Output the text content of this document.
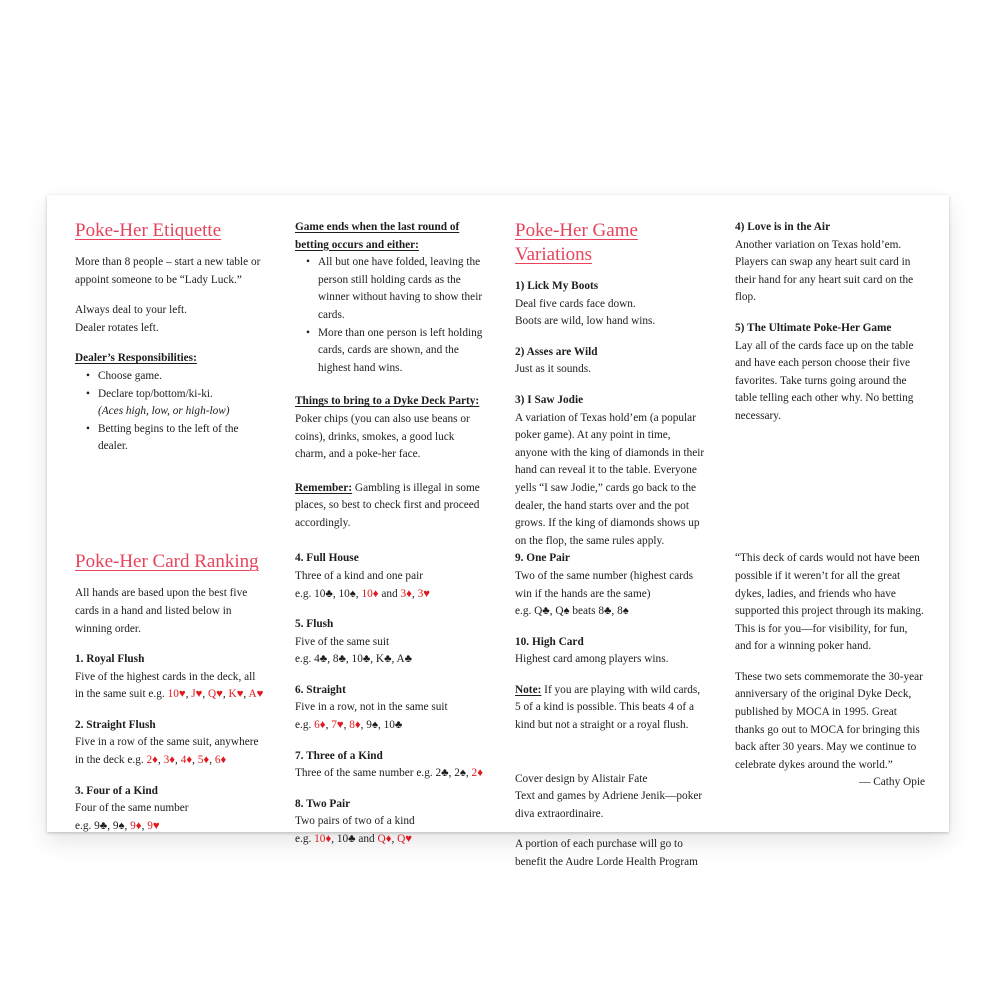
Poke-Her Etiquette

More than 8 people – start a new table or appoint someone to be “Lady Luck.”

Always deal to your left.

Dealer rotates left.

Dealer’s Responsibilities:

• Choose game.
• Declare top/bottom/ki-ki.
(Aces high, low, or high-low)
• Betting begins to the left of the dealer.

Game ends when the last round of betting occurs and either:

• All but one have folded, leaving the person still holding cards as the winner without having to show their cards.
• More than one person is left holding cards, cards are shown, and the highest hand wins.

Things to bring to a Dyke Deck Party:

Poker chips (you can also use beans or coins), drinks, smokes, a good luck charm, and a poke-her face.

Remember: Gambling is illegal in some places, so best to check first and proceed accordingly.

Poke-Her Game Variations

1) Lick My Boots

Deal five cards face down.

Boots are wild, low hand wins.

2) Asses are Wild

Just as it sounds.

3) I Saw Jodie

A variation of Texas hold’em (a popular poker game). At any point in time, anyone with the king of diamonds in their hand can reveal it to the table. Everyone yells “I saw Jodie,” cards go back to the dealer, the hand starts over and the pot grows. If the king of diamonds shows up on the flop, the same rules apply.

4) Love is in the Air

Another variation on Texas hold’em. Players can swap any heart suit card in their hand for any heart suit card on the flop.

5) The Ultimate Poke-Her Game

Lay all of the cards face up on the table and have each person choose their five favorites. Take turns going around the table telling each other why. No betting necessary.

Poke-Her Card Ranking

All hands are based upon the best five cards in a hand and listed below in winning order.

1. Royal Flush

Five of the highest cards in the deck, all in the same suit e.g. 10♥, J♥, Q♥, K♥, A♥

2. Straight Flush

Five in a row of the same suit, anywhere in the deck e.g. 2♦, 3♦, 4♦, 5♦, 6♦

3. Four of a Kind

Four of the same number

e.g. 9♣, 9♠, 9♦, 9♥

4. Full House

Three of a kind and one pair

e.g. 10♣, 10♠, 10♦ and 3♦, 3♥

5. Flush

Five of the same suit

e.g. 4♣, 8♣, 10♣, K♣, A♣

6. Straight

Five in a row, not in the same suit

e.g. 6♦, 7♥, 8♦, 9♠, 10♣

7. Three of a Kind

Three of the same number e.g. 2♣, 2♠, 2♦

8. Two Pair

Two pairs of two of a kind

e.g. 10♦, 10♣ and Q♦, Q♥

9. One Pair

Two of the same number (highest cards win if the hands are the same)

e.g. Q♣, Q♠ beats 8♣, 8♠

10. High Card

Highest card among players wins.

Note: If you are playing with wild cards, 5 of a kind is possible. This beats 4 of a kind but not a straight or a royal flush.

Cover design by Alistair Fate

Text and games by Adriene Jenik—poker diva extraordinaire.

A portion of each purchase will go to benefit the Audre Lorde Health Program

“This deck of cards would not have been possible if it weren’t for all the great dykes, ladies, and friends who have supported this project through its making. This is for you—for visibility, for fun, and for a winning poker hand.

These two sets commemorate the 30-year anniversary of the original Dyke Deck, published by MOCA in 1995. Great thanks go out to MOCA for bringing this back after 30 years. May we continue to celebrate dykes around the world.”

— Cathy Opie
